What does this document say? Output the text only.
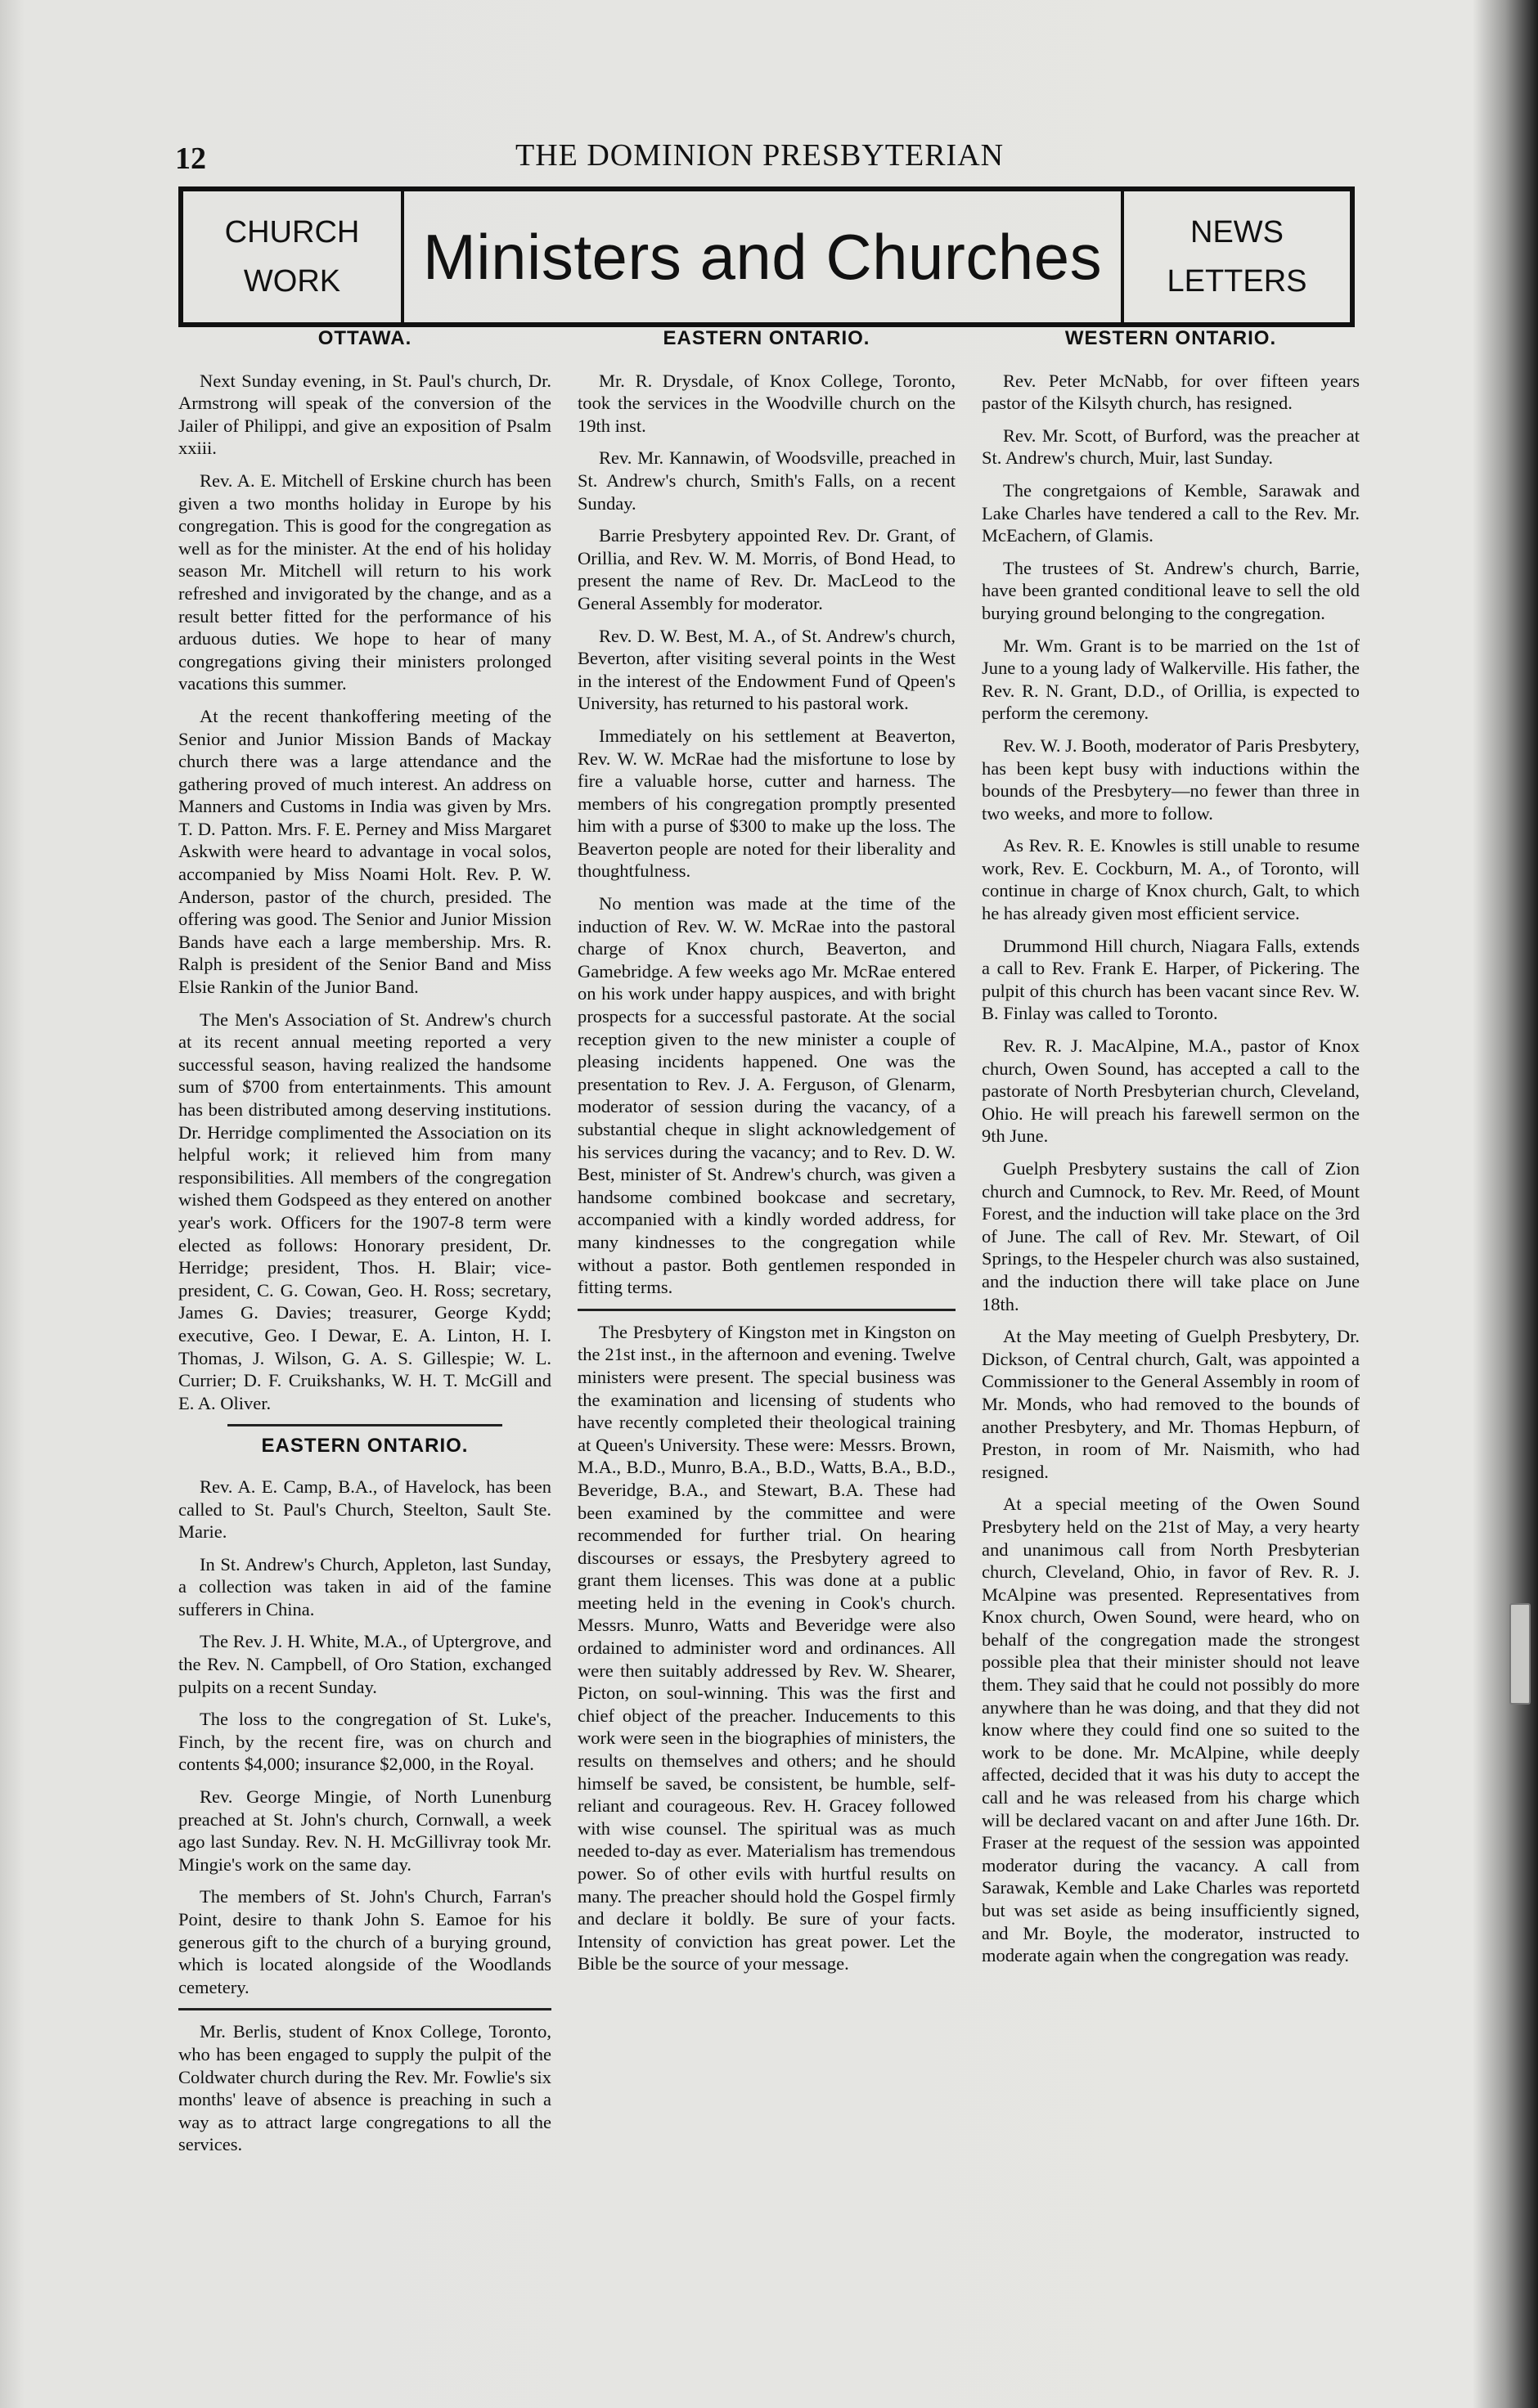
12	THE DOMINION PRESBYTERIAN
CHURCH
WORK Ministers and Churches	NEWS
LETTERS
OTTAWA.

Next Sunday evening, in St. Paul's church, Dr. Armstrong will speak of the conversion of the Jailer of Philippi, and give an exposition of Psalm xxiii.

Rev. A. E. Mitchell of Erskine church has been given a two months holiday in Europe by his congregation. This is good for the congregation as well as for the minister. At the end of his holiday season Mr. Mitchell will return to his work refreshed and invigorated by the change, and as a result better fitted for the performance of his arduous duties. We hope to hear of many congregations giving their ministers prolonged vacations this summer.

At the recent thankoffering meeting of the Senior and Junior Mission Bands of Mackay church there was a large attendance and the gathering proved of much interest. An address on Manners and Customs in India was given by Mrs. T. D. Patton. Mrs. F. E. Perney and Miss Margaret Askwith were heard to advantage in vocal solos, accompanied by Miss Noami Holt. Rev. P. W. Anderson, pastor of the church, presided. The offering was good. The Senior and Junior Mission Bands have each a large membership. Mrs. R. Ralph is president of the Senior Band and Miss Elsie Rankin of the Junior Band.

The Men's Association of St. Andrew's church at its recent annual meeting reported a very successful season, having realized the handsome sum of $700 from entertainments. This amount has been distributed among deserving institutions. Dr. Herridge complimented the Association on its helpful work; it relieved him from many responsibilities. All members of the congregation wished them Godspeed as they entered on another year's work. Officers for the 1907-8 term were elected as follows: Honorary president, Dr. Herridge; president, Thos. H. Blair; vice-president, C. G. Cowan, Geo. H. Ross; secretary, James G. Davies; treasurer, George Kydd; executive, Geo. I Dewar, E. A. Linton, H. I. Thomas, J. Wilson, G. A. S. Gillespie; W. L. Currier; D. F. Cruikshanks, W. H. T. McGill and E. A. Oliver.

EASTERN ONTARIO.

Rev. A. E. Camp, B.A., of Havelock, has been called to St. Paul's Church, Steelton, Sault Ste. Marie.

In St. Andrew's Church, Appleton, last Sunday, a collection was taken in aid of the famine sufferers in China.

The Rev. J. H. White, M.A., of Uptergrove, and the Rev. N. Campbell, of Oro Station, exchanged pulpits on a recent Sunday.

The loss to the congregation of St. Luke's, Finch, by the recent fire, was on church and contents $4,000; insurance $2,000, in the Royal.

Rev. George Mingie, of North Lunenburg preached at St. John's church, Cornwall, a week ago last Sunday. Rev. N. H. McGillivray took Mr. Mingie's work on the same day.

The members of St. John's Church, Farran's Point, desire to thank John S. Eamoe for his generous gift to the church of a burying ground, which is located alongside of the Woodlands cemetery.

Mr. Berlis, student of Knox College, Toronto, who has been engaged to supply the pulpit of the Coldwater church during the Rev. Mr. Fowlie's six months' leave of absence is preaching in such a way as to attract large congregations to all the services.

EASTERN ONTARIO.

Mr. R. Drysdale, of Knox College, Toronto, took the services in the Woodville church on the 19th inst.

Rev. Mr. Kannawin, of Woodsville, preached in St. Andrew's church, Smith's Falls, on a recent Sunday.

Barrie Presbytery appointed Rev. Dr. Grant, of Orillia, and Rev. W. M. Morris, of Bond Head, to present the name of Rev. Dr. MacLeod to the General Assembly for moderator.

Rev. D. W. Best, M. A., of St. Andrew's church, Beverton, after visiting several points in the West in the interest of the Endowment Fund of Qpeen's University, has returned to his pastoral work.

Immediately on his settlement at Beaverton, Rev. W. W. McRae had the misfortune to lose by fire a valuable horse, cutter and harness. The members of his congregation promptly presented him with a purse of $300 to make up the loss. The Beaverton people are noted for their liberality and thoughtfulness.

No mention was made at the time of the induction of Rev. W. W. McRae into the pastoral charge of Knox church, Beaverton, and Gamebridge. A few weeks ago Mr. McRae entered on his work under happy auspices, and with bright prospects for a successful pastorate. At the social reception given to the new minister a couple of pleasing incidents happened. One was the presentation to Rev. J. A. Ferguson, of Glenarm, moderator of session during the vacancy, of a substantial cheque in slight acknowledgement of his services during the vacancy; and to Rev. D. W. Best, minister of St. Andrew's church, was given a handsome combined bookcase and secretary, accompanied with a kindly worded address, for many kindnesses to the congregation while without a pastor. Both gentlemen responded in fitting terms.

The Presbytery of Kingston met in Kingston on the 21st inst., in the afternoon and evening. Twelve ministers were present. The special business was the examination and licensing of students who have recently completed their theological training at Queen's University. These were: Messrs. Brown, M.A., B.D., Munro, B.A., B.D., Watts, B.A., B.D., Beveridge, B.A., and Stewart, B.A. These had been examined by the committee and were recommended for further trial. On hearing discourses or essays, the Presbytery agreed to grant them licenses. This was done at a public meeting held in the evening in Cook's church. Messrs. Munro, Watts and Beveridge were also ordained to administer word and ordinances. All were then suitably addressed by Rev. W. Shearer, Picton, on soul-winning. This was the first and chief object of the preacher. Inducements to this work were seen in the biographies of ministers, the results on themselves and others; and he should himself be saved, be consistent, be humble, self-reliant and courageous. Rev. H. Gracey followed with wise counsel. The spiritual was as much needed to-day as ever. Materialism has tremendous power. So of other evils with hurtful results on many. The preacher should hold the Gospel firmly and declare it boldly. Be sure of your facts. Intensity of conviction has great power. Let the Bible be the source of your message.

WESTERN ONTARIO.

Rev. Peter McNabb, for over fifteen years pastor of the Kilsyth church, has resigned.

Rev. Mr. Scott, of Burford, was the preacher at St. Andrew's church, Muir, last Sunday.

The congretgaions of Kemble, Sarawak and Lake Charles have tendered a call to the Rev. Mr. McEachern, of Glamis.

The trustees of St. Andrew's church, Barrie, have been granted conditional leave to sell the old burying ground belonging to the congregation.

Mr. Wm. Grant is to be married on the 1st of June to a young lady of Walkerville. His father, the Rev. R. N. Grant, D.D., of Orillia, is expected to perform the ceremony.

Rev. W. J. Booth, moderator of Paris Presbytery, has been kept busy with inductions within the bounds of the Presbytery—no fewer than three in two weeks, and more to follow.

As Rev. R. E. Knowles is still unable to resume work, Rev. E. Cockburn, M. A., of Toronto, will continue in charge of Knox church, Galt, to which he has already given most efficient service.

Drummond Hill church, Niagara Falls, extends a call to Rev. Frank E. Harper, of Pickering. The pulpit of this church has been vacant since Rev. W. B. Finlay was called to Toronto.

Rev. R. J. MacAlpine, M.A., pastor of Knox church, Owen Sound, has accepted a call to the pastorate of North Presbyterian church, Cleveland, Ohio. He will preach his farewell sermon on the 9th June.

Guelph Presbytery sustains the call of Zion church and Cumnock, to Rev. Mr. Reed, of Mount Forest, and the induction will take place on the 3rd of June. The call of Rev. Mr. Stewart, of Oil Springs, to the Hespeler church was also sustained, and the induction there will take place on June 18th.

At the May meeting of Guelph Presbytery, Dr. Dickson, of Central church, Galt, was appointed a Commissioner to the General Assembly in room of Mr. Monds, who had removed to the bounds of another Presbytery, and Mr. Thomas Hepburn, of Preston, in room of Mr. Naismith, who had resigned.

At a special meeting of the Owen Sound Presbytery held on the 21st of May, a very hearty and unanimous call from North Presbyterian church, Cleveland, Ohio, in favor of Rev. R. J. McAlpine was presented. Representatives from Knox church, Owen Sound, were heard, who on behalf of the congregation made the strongest possible plea that their minister should not leave them. They said that he could not possibly do more anywhere than he was doing, and that they did not know where they could find one so suited to the work to be done. Mr. McAlpine, while deeply affected, decided that it was his duty to accept the call and he was released from his charge which will be declared vacant on and after June 16th. Dr. Fraser at the request of the session was appointed moderator during the vacancy. A call from Sarawak, Kemble and Lake Charles was reportetd but was set aside as being insufficiently signed, and Mr. Boyle, the moderator, instructed to moderate again when the congregation was ready.
